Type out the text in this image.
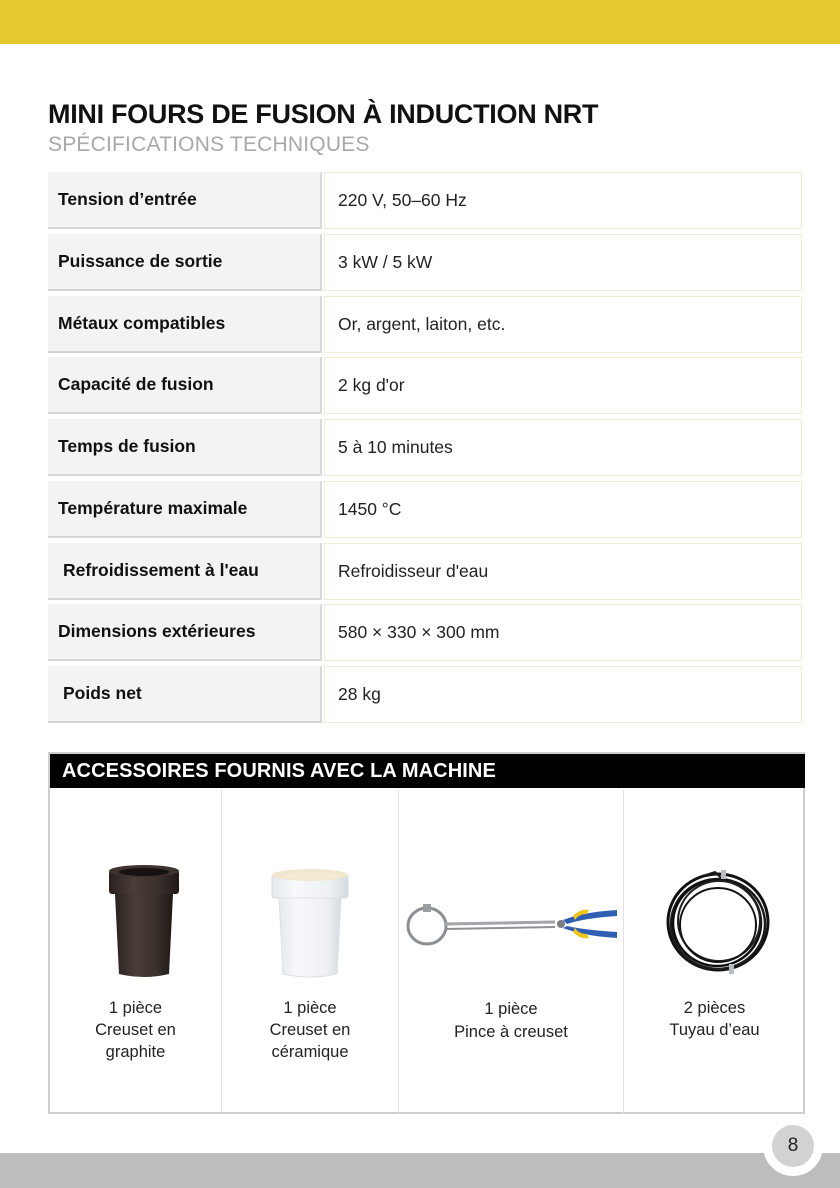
MINI FOURS DE FUSION À INDUCTION NRT
SPÉCIFICATIONS TECHNIQUES
Tension d’entrée	220 V, 50–60 Hz
Puissance de sortie	3 kW / 5 kW
Métaux compatibles	Or, argent, laiton, etc.
Capacité de fusion	2 kg d'or
Temps de fusion	5 à 10 minutes
Température maximale	1450 °C
Refroidissement à l'eau	Refroidisseur d'eau
Dimensions extérieures	580 × 330 × 300 mm
Poids net	28 kg
ACCESSOIRES FOURNIS AVEC LA MACHINE
1 pièce
Creuset en
graphite
1 pièce
Creuset en
céramique
1 pièce
Pince à creuset
2 pièces
Tuyau d’eau
8
